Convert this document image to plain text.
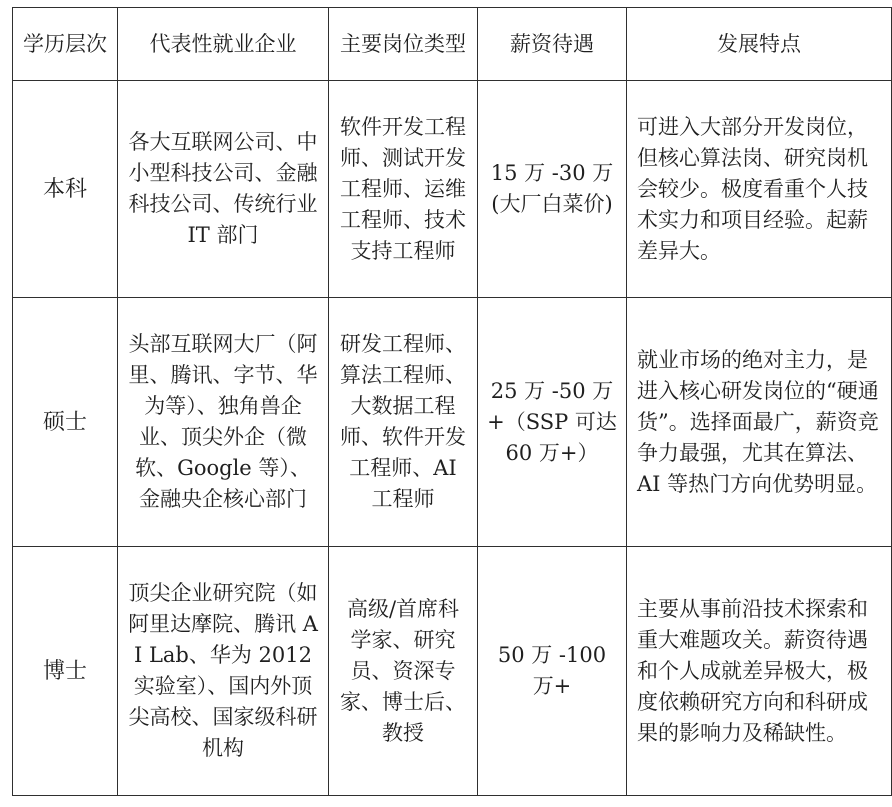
学历层次	代表性就业企业	主要岗位类型	薪资待遇	发展特点
本科	各大互联网公司、中小型科技公司、金融科技公司、传统行业 IT 部门	软件开发工程师、测试开发工程师、运维工程师、技术支持工程师	15 万 -30 万(大厂白菜价)	可进入大部分开发岗位，但核心算法岗、研究岗机会较少。极度看重个人技术实力和项目经验。起薪差异大。
硕士	头部互联网大厂（阿里、腾讯、字节、华为等）、独角兽企业、顶尖外企（微软、Google 等）、金融央企核心部门	研发工程师、算法工程师、大数据工程师、软件开发工程师、AI 工程师	25 万 -50 万+（SSP 可达 60 万+）	就业市场的绝对主力，是进入核心研发岗位的“硬通货”。选择面最广，薪资竞争力最强，尤其在算法、AI 等热门方向优势明显。
博士	顶尖企业研究院（如阿里达摩院、腾讯 AI Lab、华为 2012 实验室）、国内外顶尖高校、国家级科研机构	高级/首席科学家、研究员、资深专家、博士后、教授	50 万 -100 万+	主要从事前沿技术探索和重大难题攻关。薪资待遇和个人成就差异极大，极度依赖研究方向和科研成果的影响力及稀缺性。
